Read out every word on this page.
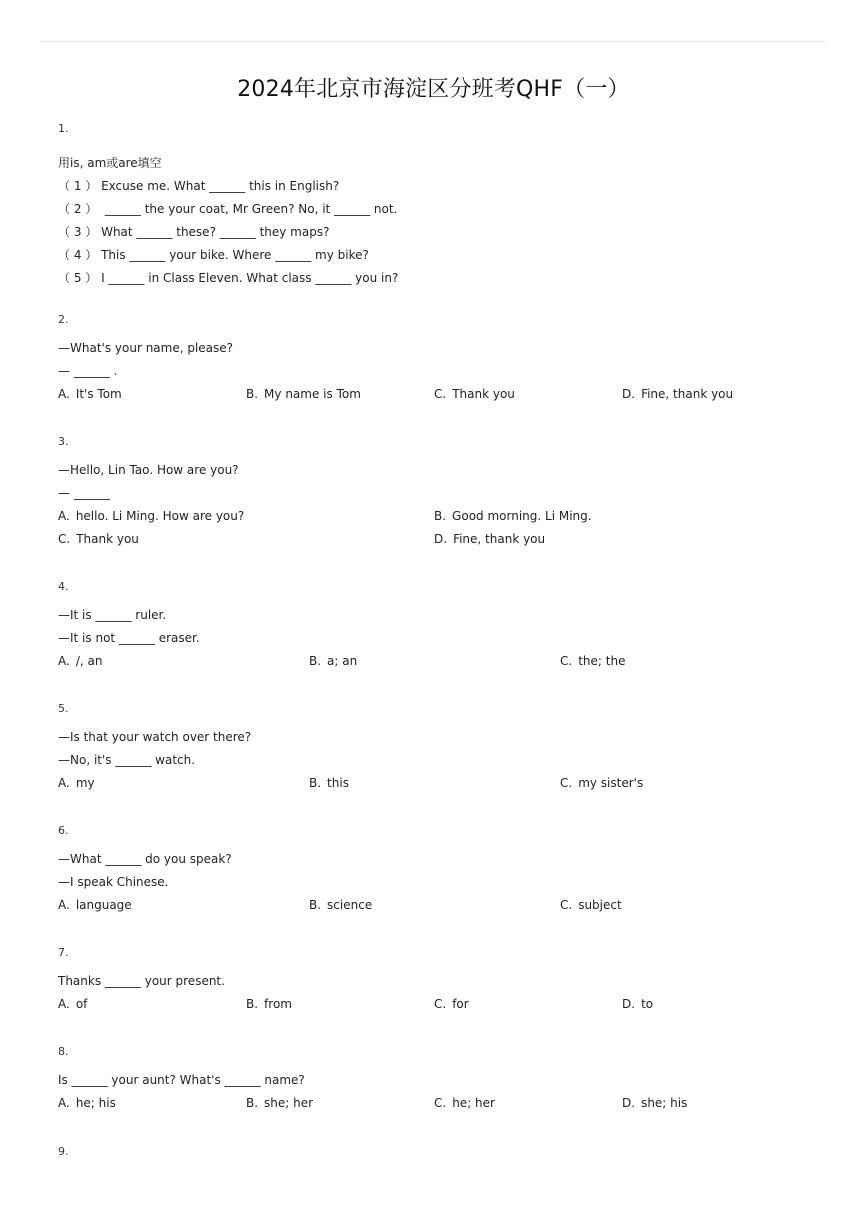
2024年北京市海淀区分班考QHF（一）
1.
用is, am或are填空
（ 1 ） Excuse me. What ______ this in English?
（ 2 ）  ______ the your coat, Mr Green? No, it ______ not.
（ 3 ） What ______ these? ______ they maps?
（ 4 ） This ______ your bike. Where ______ my bike?
（ 5 ） I ______ in Class Eleven. What class ______ you in?
2.
—What's your name, please?
— ______ .
A. It's Tom	B. My name is Tom	C. Thank you	D. Fine, thank you
3.
—Hello, Lin Tao. How are you?
— ______
A. hello. Li Ming. How are you?	B. Good morning. Li Ming.
C. Thank you	D. Fine, thank you
4.
—It is ______ ruler.
—It is not ______ eraser.
A. /, an	B. a; an	C. the; the
5.
—Is that your watch over there?
—No, it's ______ watch.
A. my	B. this	C. my sister's
6.
—What ______ do you speak?
—I speak Chinese.
A. language	B. science	C. subject
7.
Thanks ______ your present.
A. of	B. from	C. for	D. to
8.
Is ______ your aunt? What's ______ name?
A. he; his	B. she; her	C. he; her	D. she; his
9.
